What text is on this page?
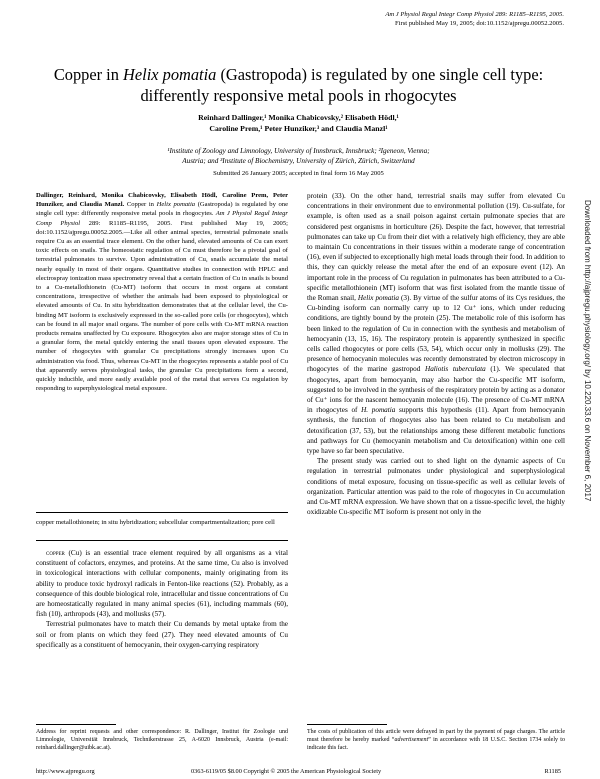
Am J Physiol Regul Integr Comp Physiol 289: R1185–R1195, 2005.
First published May 19, 2005; doi:10.1152/ajpregu.00052.2005.
Copper in Helix pomatia (Gastropoda) is regulated by one single cell type: differently responsive metal pools in rhogocytes
Reinhard Dallinger,¹ Monika Chabicovsky,² Elisabeth Hödl,¹
Caroline Prem,¹ Peter Hunziker,³ and Claudia Manzl¹
¹Institute of Zoology and Limnology, University of Innsbruck, Innsbruck; ²Igeneon, Vienna;
Austria; and ³Institute of Biochemistry, University of Zürich, Zürich, Switzerland
Submitted 26 January 2005; accepted in final form 16 May 2005

Dallinger, Reinhard, Monika Chabicovsky, Elisabeth Hödl, Caroline Prem, Peter Hunziker, and Claudia Manzl. Copper in Helix pomatia (Gastropoda) is regulated by one single cell type: differently responsive metal pools in rhogocytes. Am J Physiol Regul Integr Comp Physiol 289: R1185–R1195, 2005. First published May 19, 2005; doi:10.1152/ajpregu.00052.2005.—Like all other animal species, terrestrial pulmonate snails require Cu as an essential trace element. On the other hand, elevated amounts of Cu can exert toxic effects on snails. The homeostatic regulation of Cu must therefore be a pivotal goal of terrestrial pulmonates to survive. Upon administration of Cu, snails accumulate the metal nearly equally in most of their organs. Quantitative studies in connection with HPLC and electrospray ionization mass spectrometry reveal that a certain fraction of Cu in snails is bound to a Cu-metallothionein (Cu-MT) isoform that occurs in most organs at constant concentrations, irrespective of whether the animals had been exposed to physiological or elevated amounts of Cu. In situ hybridization demonstrates that at the cellular level, the Cu-binding MT isoform is exclusively expressed in the so-called pore cells (or rhogocytes), which can be found in all major snail organs. The number of pore cells with Cu-MT mRNA reaction products remains unaffected by Cu exposure. Rhogocytes also are major storage sites of Cu in a granular form, the metal quickly entering the snail tissues upon elevated exposure. The number of rhogocytes with granular Cu precipitations strongly increases upon Cu administration via food. Thus, whereas Cu-MT in the rhogocytes represents a stable pool of Cu that apparently serves physiological tasks, the granular Cu precipitations form a second, quickly inducible, and more easily available pool of the metal that serves Cu regulation by responding to superphysiological metal exposure.

copper metallothionein; in situ hybridization; subcellular compartmentalization; pore cell

copper (Cu) is an essential trace element required by all organisms as a vital constituent of cofactors, enzymes, and proteins. At the same time, Cu also is involved in toxicological interactions with cellular components, mainly originating from its ability to produce toxic hydroxyl radicals in Fenton-like reactions (52). Probably, as a consequence of this double biological role, intracellular and tissue concentrations of Cu are homeostatically regulated in many animal species (61), including mammals (60), fish (10), arthropods (43), and mollusks (57).

Terrestrial pulmonates have to match their Cu demands by metal uptake from the soil or from plants on which they feed (27). They need elevated amounts of Cu specifically as a constituent of hemocyanin, their oxygen-carrying respiratory

protein (33). On the other hand, terrestrial snails may suffer from elevated Cu concentrations in their environment due to environmental pollution (19). Cu-sulfate, for example, is often used as a snail poison against certain pulmonate species that are considered pest organisms in horticulture (26). Despite the fact, however, that terrestrial pulmonates can take up Cu from their diet with a relatively high efficiency, they are able to maintain Cu concentrations in their tissues within a moderate range of concentration (16), even if subjected to exceptionally high metal loads through their food. In addition to this, they can quickly release the metal after the end of an exposure event (12). An important role in the process of Cu regulation in pulmonates has been attributed to a Cu-specific metallothionein (MT) isoform that was first isolated from the mantle tissue of the Roman snail, Helix pomatia (3). By virtue of the sulfur atoms of its Cys residues, the Cu-binding isoform can normally carry up to 12 Cu⁺ ions, which under reducing conditions, are tightly bound by the protein (25). The metabolic role of this isoform has been linked to the regulation of Cu in connection with the synthesis and metabolism of hemocyanin (13, 15, 16). The respiratory protein is apparently synthesized in specific cells called rhogocytes or pore cells (53, 54), which occur only in mollusks (29). The presence of hemocyanin molecules was recently demonstrated by electron microscopy in rhogocytes of the marine gastropod Haliotis tuberculata (1). We speculated that rhogocytes, apart from hemocyanin, may also harbor the Cu-specific MT isoform, suggested to be involved in the synthesis of the respiratory protein by acting as a donator of Cu⁺ ions for the nascent hemocyanin molecule (16). The presence of Cu-MT mRNA in rhogocytes of H. pomatia supports this hypothesis (11). Apart from hemocyanin synthesis, the function of rhogocytes also has been related to Cu metabolism and detoxification (37, 53), but the relationships among these different metabolic functions and pathways for Cu (hemocyanin metabolism and Cu detoxification) within one cell type have so far been speculative.

The present study was carried out to shed light on the dynamic aspects of Cu regulation in terrestrial pulmonates under physiological and superphysiological conditions of metal exposure, focusing on tissue-specific as well as cellular levels of organization. Particular attention was paid to the role of rhogocytes in Cu accumulation and Cu-MT mRNA expression. We have shown that on a tissue-specific level, the highly oxidizable Cu-specific MT isoform is present not only in the

Address for reprint requests and other correspondence: R. Dallinger, Institut für Zoologie und Limnologie, Universität Innsbruck, Technikerstrasse 25, A-6020 Innsbruck, Austria (e-mail: reinhard.dallinger@uibk.ac.at).
The costs of publication of this article were defrayed in part by the payment of page charges. The article must therefore be hereby marked “advertisement” in accordance with 18 U.S.C. Section 1734 solely to indicate this fact.
http://www.ajpregu.org	0363-6119/05 $8.00 Copyright © 2005 the American Physiological Society	R1185
Downloaded from http://ajpregu.physiology.org/ by 10.220.33.6 on November 6, 2017
